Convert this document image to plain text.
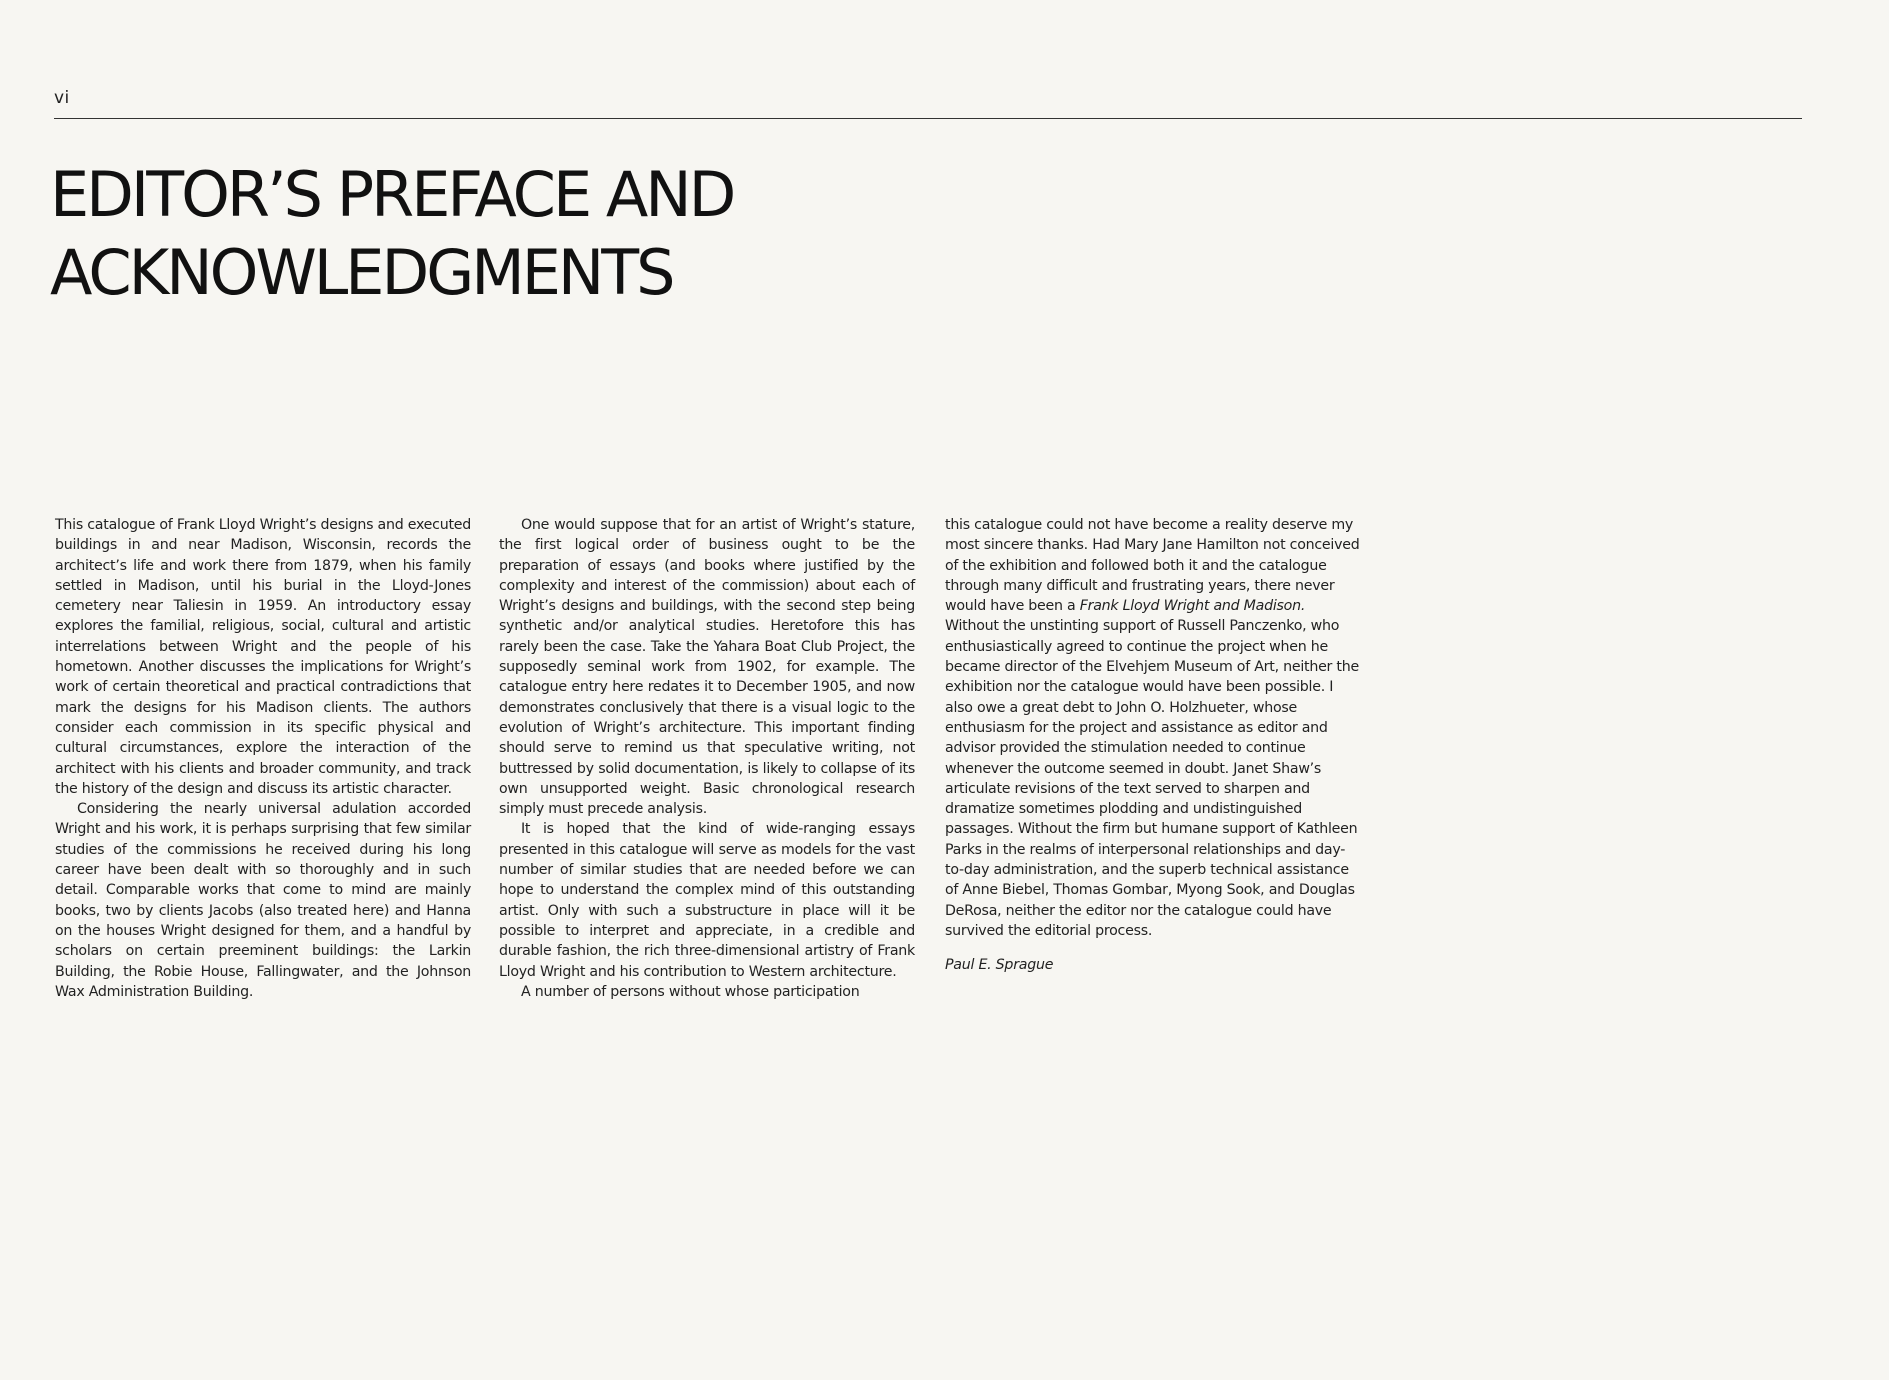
vi
EDITOR’S PREFACE AND
ACKNOWLEDGMENTS

This catalogue of Frank Lloyd Wright’s designs and executed buildings in and near Madison, Wisconsin, records the architect’s life and work there from 1879, when his family settled in Madison, until his burial in the Lloyd-Jones cemetery near Taliesin in 1959. An introductory essay explores the familial, religious, social, cultural and artistic interrelations between Wright and the people of his hometown. Another discusses the implications for Wright’s work of certain theoretical and practical contradictions that mark the designs for his Madison clients. The authors consider each commission in its specific physical and cultural circumstances, explore the interaction of the architect with his clients and broader community, and track the history of the design and discuss its artistic character.

Considering the nearly universal adulation accorded Wright and his work, it is perhaps surprising that few similar studies of the commissions he received during his long career have been dealt with so thoroughly and in such detail. Comparable works that come to mind are mainly books, two by clients Jacobs (also treated here) and Hanna on the houses Wright designed for them, and a handful by scholars on certain preeminent buildings: the Larkin Building, the Robie House, Fallingwater, and the Johnson Wax Administration Building.

One would suppose that for an artist of Wright’s stature, the first logical order of business ought to be the preparation of essays (and books where justified by the complexity and interest of the commission) about each of Wright’s designs and buildings, with the second step being synthetic and/or analytical studies. Heretofore this has rarely been the case. Take the Yahara Boat Club Project, the supposedly seminal work from 1902, for example. The catalogue entry here redates it to December 1905, and now demonstrates conclusively that there is a visual logic to the evolution of Wright’s architecture. This important finding should serve to remind us that speculative writing, not buttressed by solid documentation, is likely to collapse of its own unsupported weight. Basic chronological research simply must precede analysis.

It is hoped that the kind of wide-ranging essays presented in this catalogue will serve as models for the vast number of similar studies that are needed before we can hope to understand the complex mind of this outstanding artist. Only with such a substructure in place will it be possible to interpret and appreciate, in a credible and durable fashion, the rich three-dimensional artistry of Frank Lloyd Wright and his contribution to Western architecture.

A number of persons without whose participation

this catalogue could not have become a reality deserve my most sincere thanks. Had Mary Jane Hamilton not conceived of the exhibition and followed both it and the catalogue through many difficult and frustrating years, there never would have been a Frank Lloyd Wright and Madison. Without the unstinting support of Russell Panczenko, who enthusiastically agreed to continue the project when he became director of the Elvehjem Museum of Art, neither the exhibition nor the catalogue would have been possible. I also owe a great debt to John O. Holzhueter, whose enthusiasm for the project and assistance as editor and advisor provided the stimulation needed to continue whenever the outcome seemed in doubt. Janet Shaw’s articulate revisions of the text served to sharpen and dramatize sometimes plodding and undistinguished passages. Without the firm but humane support of Kathleen Parks in the realms of interpersonal relationships and day-to-day administration, and the superb technical assistance of Anne Biebel, Thomas Gombar, Myong Sook, and Douglas DeRosa, neither the editor nor the catalogue could have survived the editorial process.

Paul E. Sprague
